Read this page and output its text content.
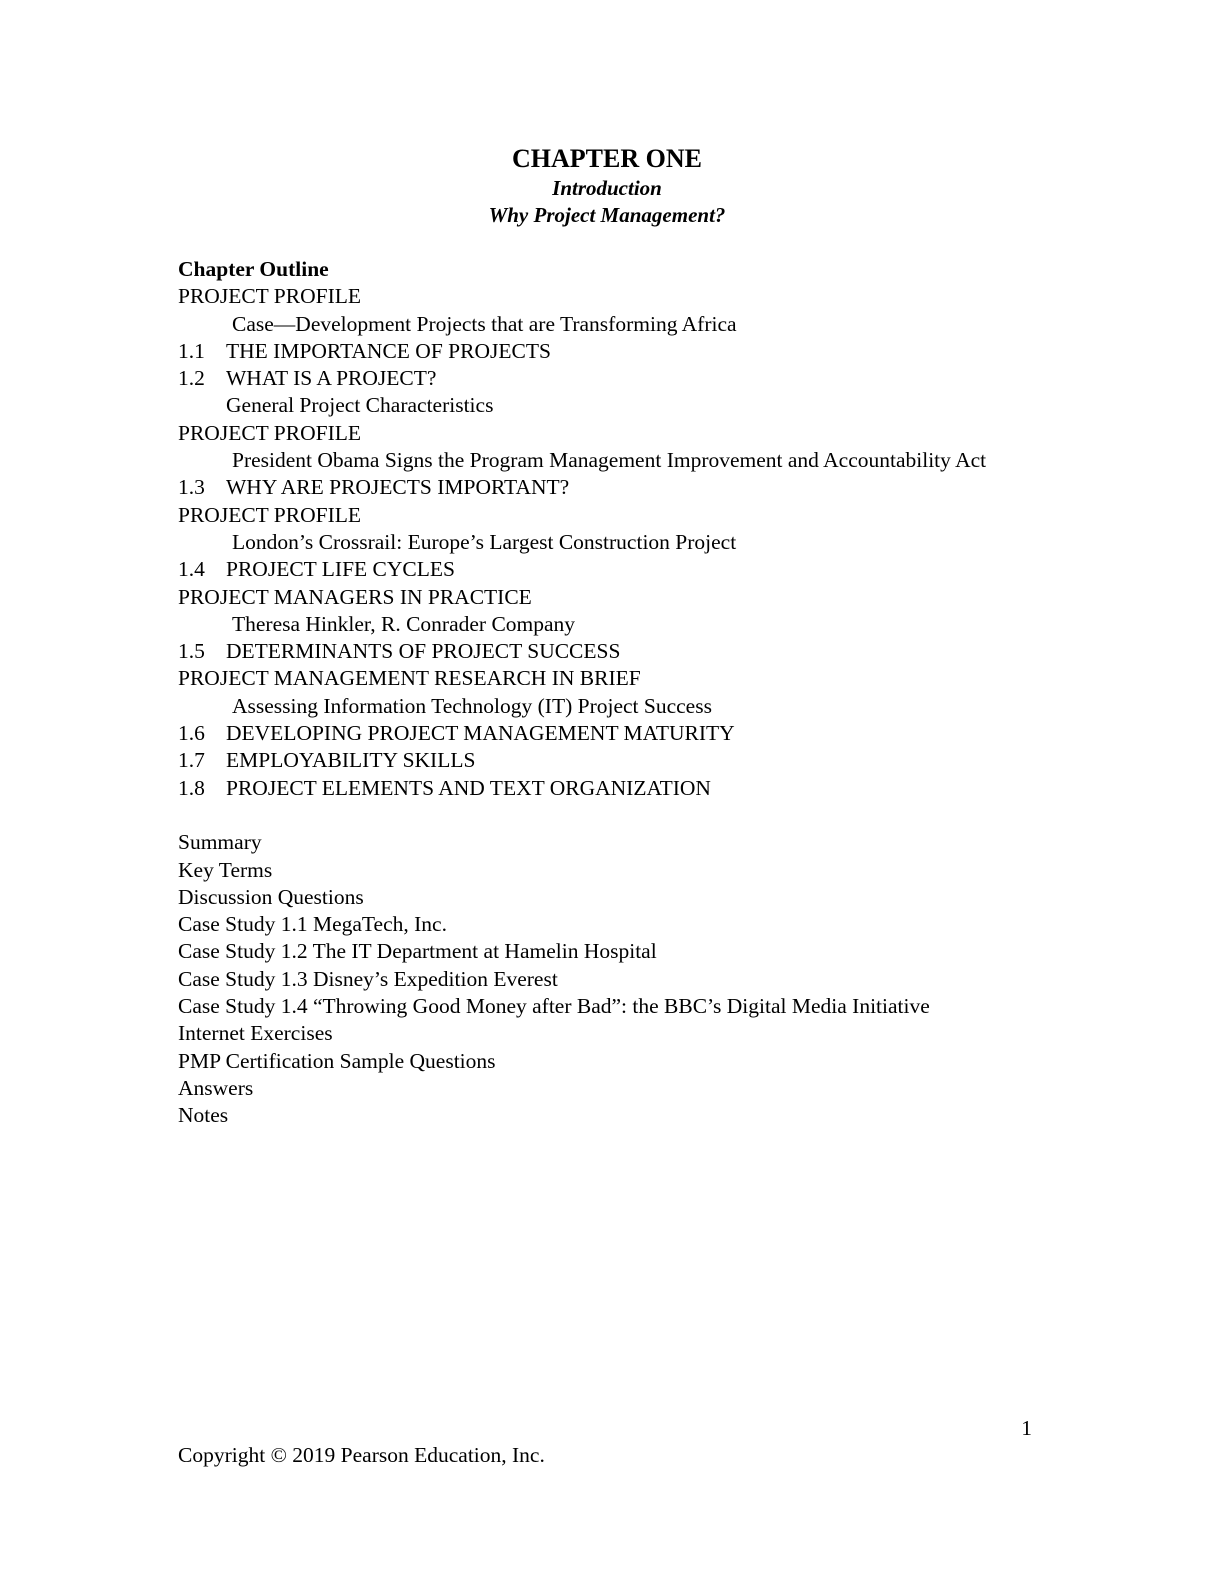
CHAPTER ONE
Introduction
Why Project Management?
Chapter Outline
PROJECT PROFILE
Case—Development Projects that are Transforming Africa
1.1 THE IMPORTANCE OF PROJECTS
1.2 WHAT IS A PROJECT?
General Project Characteristics
PROJECT PROFILE
President Obama Signs the Program Management Improvement and Accountability Act
1.3 WHY ARE PROJECTS IMPORTANT?
PROJECT PROFILE
London’s Crossrail: Europe’s Largest Construction Project
1.4 PROJECT LIFE CYCLES
PROJECT MANAGERS IN PRACTICE
Theresa Hinkler, R. Conrader Company
1.5 DETERMINANTS OF PROJECT SUCCESS
PROJECT MANAGEMENT RESEARCH IN BRIEF
Assessing Information Technology (IT) Project Success
1.6 DEVELOPING PROJECT MANAGEMENT MATURITY
1.7 EMPLOYABILITY SKILLS
1.8 PROJECT ELEMENTS AND TEXT ORGANIZATION
Summary
Key Terms
Discussion Questions
Case Study 1.1 MegaTech, Inc.
Case Study 1.2 The IT Department at Hamelin Hospital
Case Study 1.3 Disney’s Expedition Everest
Case Study 1.4 “Throwing Good Money after Bad”: the BBC’s Digital Media Initiative
Internet Exercises
PMP Certification Sample Questions
Answers
Notes
1
Copyright © 2019 Pearson Education, Inc.
